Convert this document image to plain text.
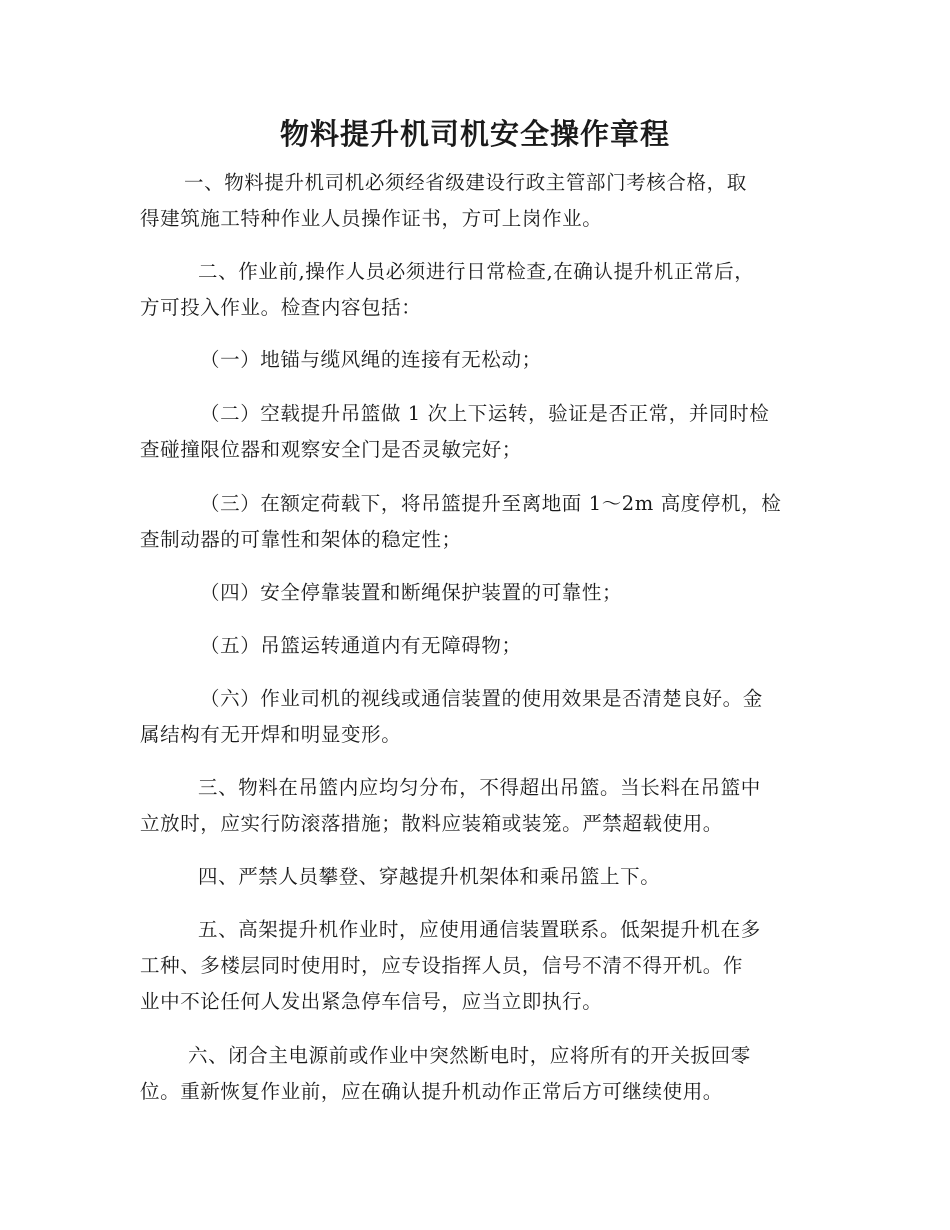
物料提升机司机安全操作章程
一、物料提升机司机必须经省级建设行政主管部门考核合格，取
得建筑施工特种作业人员操作证书，方可上岗作业。
二、作业前,操作人员必须进行日常检查,在确认提升机正常后，
方可投入作业。检查内容包括：
（一）地锚与缆风绳的连接有无松动；
（二）空载提升吊篮做 1 次上下运转，验证是否正常，并同时检
查碰撞限位器和观察安全门是否灵敏完好；
（三）在额定荷载下，将吊篮提升至离地面 1～2m 高度停机，检
查制动器的可靠性和架体的稳定性；
（四）安全停靠装置和断绳保护装置的可靠性；
（五）吊篮运转通道内有无障碍物；
（六）作业司机的视线或通信装置的使用效果是否清楚良好。金
属结构有无开焊和明显变形。
三、物料在吊篮内应均匀分布，不得超出吊篮。当长料在吊篮中
立放时，应实行防滚落措施；散料应装箱或装笼。严禁超载使用。
四、严禁人员攀登、穿越提升机架体和乘吊篮上下。
五、高架提升机作业时，应使用通信装置联系。低架提升机在多
工种、多楼层同时使用时，应专设指挥人员，信号不清不得开机。作
业中不论任何人发出紧急停车信号，应当立即执行。
六、闭合主电源前或作业中突然断电时，应将所有的开关扳回零
位。重新恢复作业前，应在确认提升机动作正常后方可继续使用。
